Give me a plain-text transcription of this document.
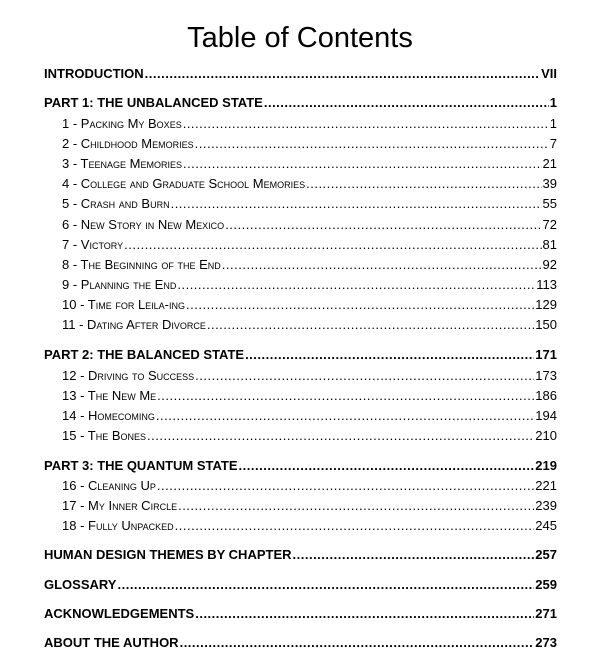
Table of Contents
INTRODUCTION .....	VII
PART 1: THE UNBALANCED STATE .....	1
1 - Packing My Boxes .....	1
2 - Childhood Memories .....	7
3 - Teenage Memories .....	21
4 - College and Graduate School Memories .....	39
5 - Crash and Burn .....	55
6 - New Story in New Mexico .....	72
7 - Victory .....	81
8 - The Beginning of the End .....	92
9 - Planning the End .....	113
10 - Time for Leila-ing .....	129
11 - Dating After Divorce .....	150
PART 2: THE BALANCED STATE .....	171
12 - Driving to Success .....	173
13 - The New Me .....	186
14 - Homecoming .....	194
15 - The Bones .....	210
PART 3: THE QUANTUM STATE .....	219
16 - Cleaning Up .....	221
17 - My Inner Circle .....	239
18 - Fully Unpacked .....	245
HUMAN DESIGN THEMES BY CHAPTER .....	257
GLOSSARY .....	259
ACKNOWLEDGEMENTS .....	271
ABOUT THE AUTHOR .....	273
